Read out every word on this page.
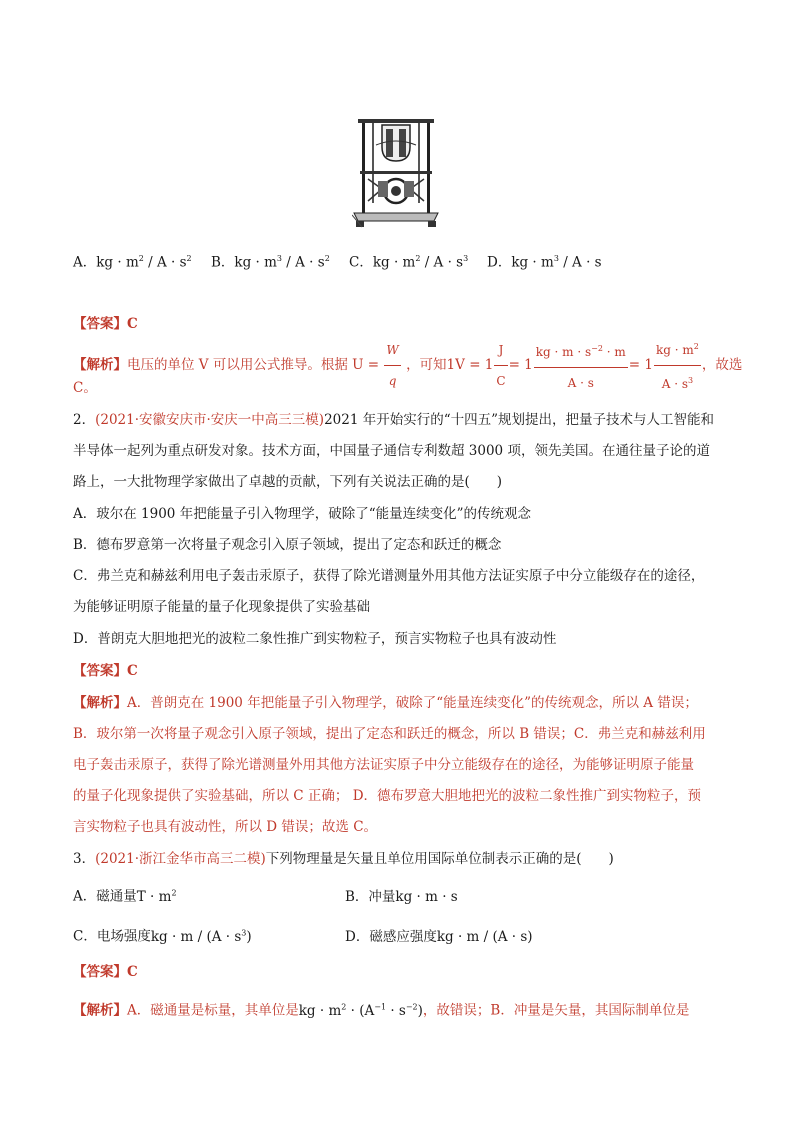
A．kg · $m^2 / A \cdot s^2$ B．kg · $m^3 / A \cdot s^2$ C．kg · $m^2 / A \cdot s^3$ D．kg · $m^3 / A \cdot s$
【答案】C
【解析】电压的单位 V 可以用公式推导。根据 $U = \frac{W}{q}$ ，可知$1V = 1 \frac{J}{C} = 1 \frac{kg \cdot m \cdot s^{-2} \cdot m}{A \cdot s} = 1 \frac{kg \cdot m^2}{A \cdot s^3}$ ，故选
C。
2．(2021·安徽安庆市·安庆一中高三三模)2021 年开始实行的“十四五”规划提出，把量子技术与人工智能和
半导体一起列为重点研发对象。技术方面，中国量子通信专利数超 3000 项，领先美国。在通往量子论的道
路上，一大批物理学家做出了卓越的贡献，下列有关说法正确的是(　　)
A．玻尔在 1900 年把能量子引入物理学，破除了“能量连续变化”的传统观念
B．德布罗意第一次将量子观念引入原子领域，提出了定态和跃迁的概念
C．弗兰克和赫兹利用电子轰击汞原子，获得了除光谱测量外用其他方法证实原子中分立能级存在的途径，
为能够证明原子能量的量子化现象提供了实验基础
D．普朗克大胆地把光的波粒二象性推广到实物粒子，预言实物粒子也具有波动性
【答案】C
【解析】A．普朗克在 1900 年把能量子引入物理学，破除了“能量连续变化”的传统观念，所以 A 错误；
B．玻尔第一次将量子观念引入原子领域，提出了定态和跃迁的概念，所以 B 错误；C．弗兰克和赫兹利用
电子轰击汞原子，获得了除光谱测量外用其他方法证实原子中分立能级存在的途径，为能够证明原子能量
的量子化现象提供了实验基础，所以 C 正确； D．德布罗意大胆地把光的波粒二象性推广到实物粒子，预
言实物粒子也具有波动性，所以 D 错误；故选 C。
3．(2021·浙江金华市高三二模)下列物理量是矢量且单位用国际单位制表示正确的是(　　)
A．磁通量$T \cdot m^2$	B．冲量kg · m · s
C．电场强度kg · $m / (A \cdot s^3)$	D．磁感应强度kg · m / (A · s)
【答案】C
【解析】A．磁通量是标量，其单位是kg · $m^2 \cdot (A^{-1} \cdot s^{-2})$，故错误；B．冲量是矢量，其国际制单位是
